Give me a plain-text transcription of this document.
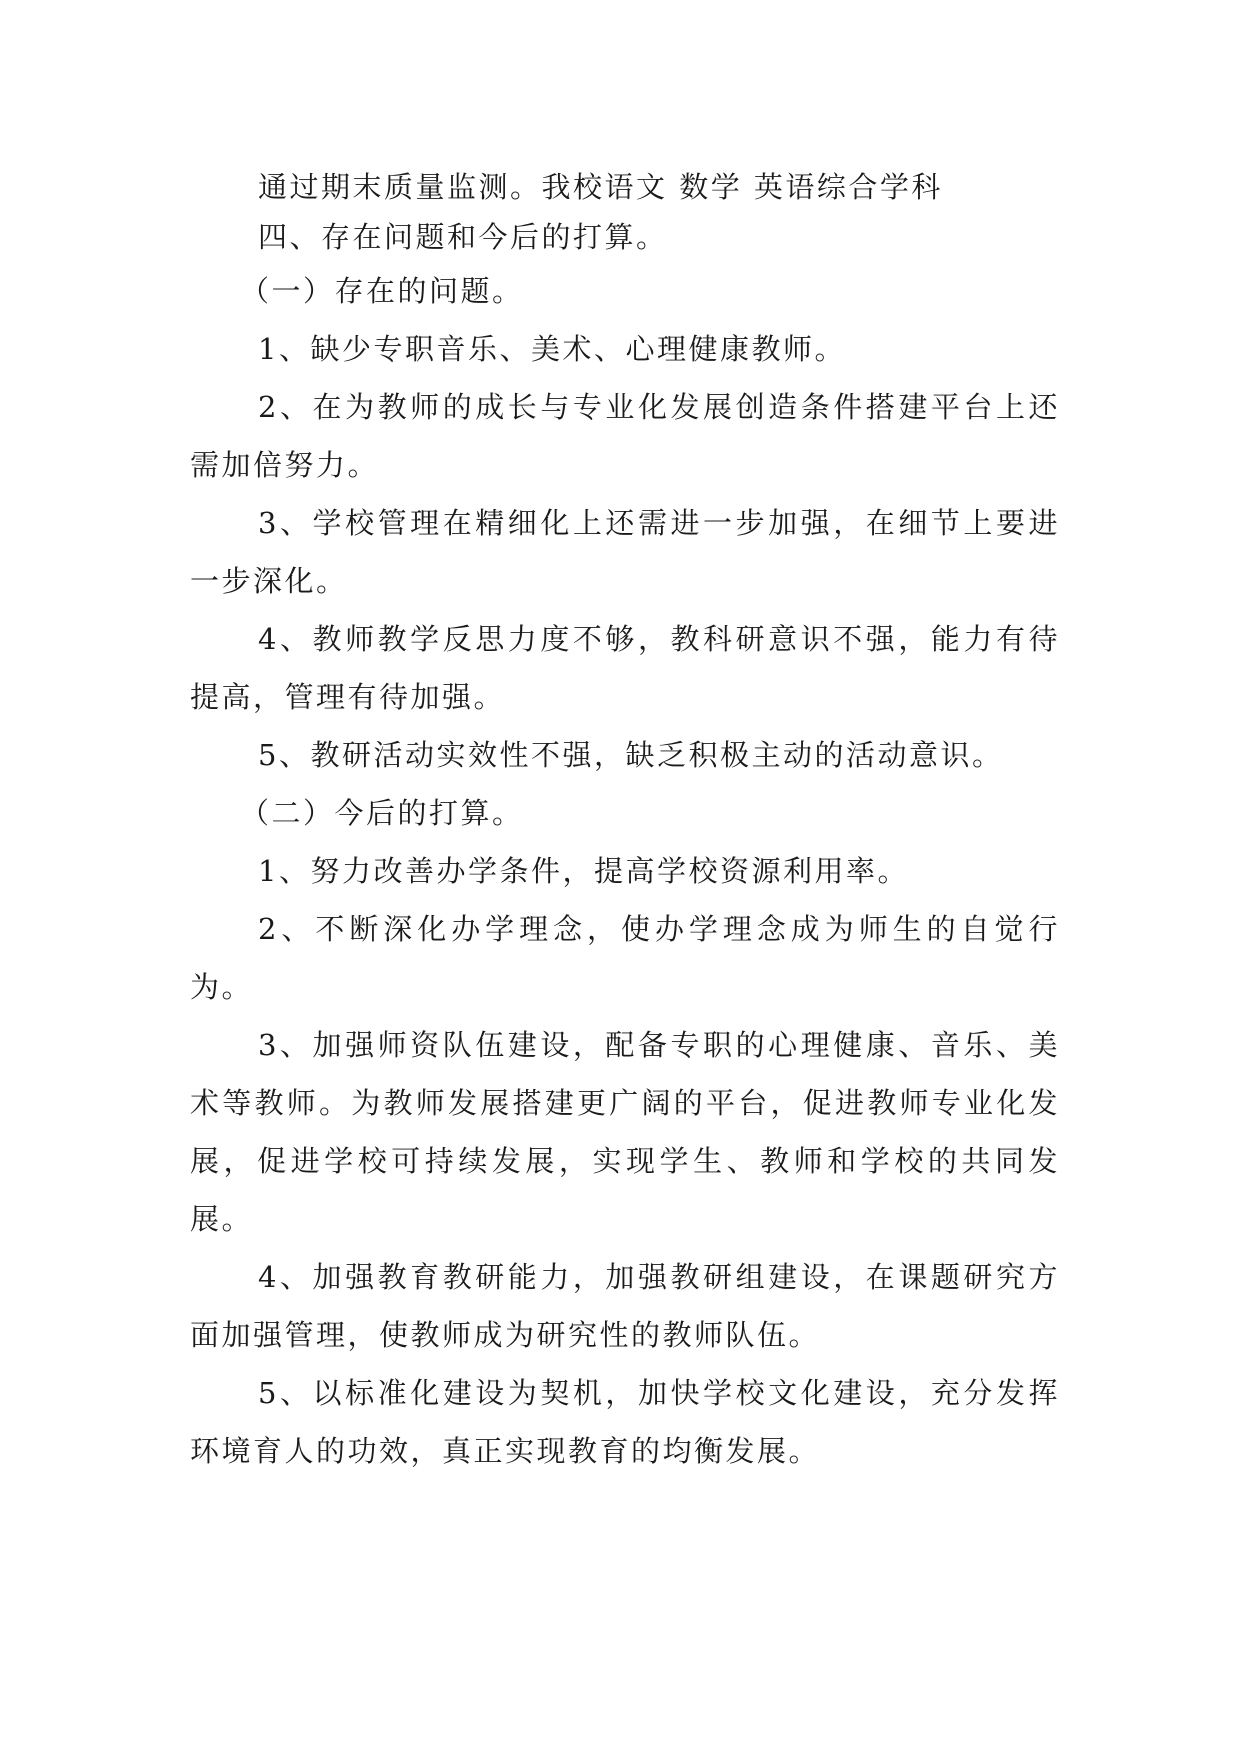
通过期末质量监测。我校语文 数学 英语综合学科

四、存在问题和今后的打算。

（一）存在的问题。

1、缺少专职音乐、美术、心理健康教师。

2、在为教师的成长与专业化发展创造条件搭建平台上还需加倍努力。

3、学校管理在精细化上还需进一步加强，在细节上要进一步深化。

4、教师教学反思力度不够，教科研意识不强，能力有待提高，管理有待加强。

5、教研活动实效性不强，缺乏积极主动的活动意识。

（二）今后的打算。

1、努力改善办学条件，提高学校资源利用率。

2、不断深化办学理念，使办学理念成为师生的自觉行为。

3、加强师资队伍建设，配备专职的心理健康、音乐、美术等教师。为教师发展搭建更广阔的平台，促进教师专业化发展，促进学校可持续发展，实现学生、教师和学校的共同发展。

4、加强教育教研能力，加强教研组建设，在课题研究方面加强管理，使教师成为研究性的教师队伍。

5、以标准化建设为契机，加快学校文化建设，充分发挥环境育人的功效，真正实现教育的均衡发展。
